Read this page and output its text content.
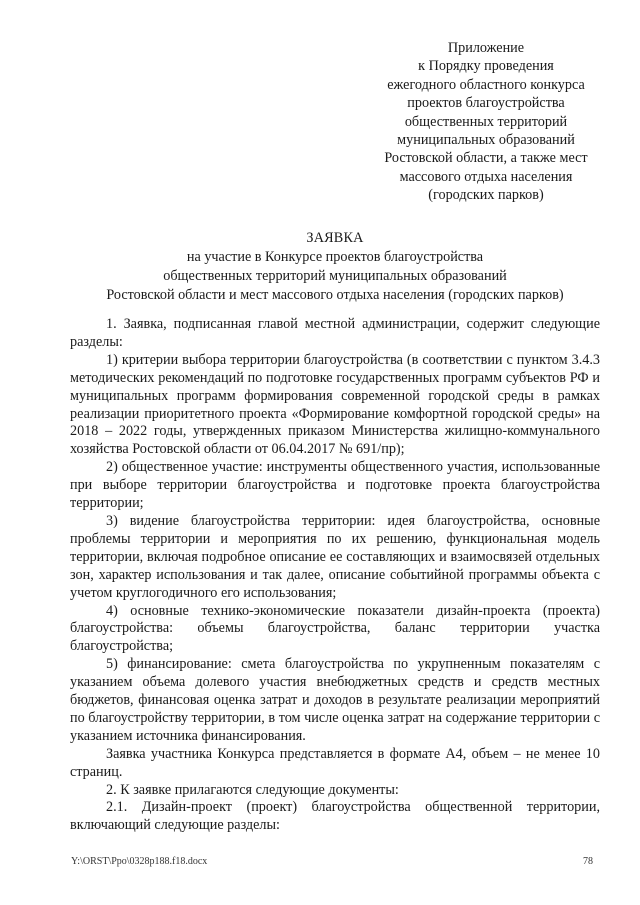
Приложение
к Порядку проведения
ежегодного областного конкурса
проектов благоустройства
общественных территорий
муниципальных образований
Ростовской области, а также мест
массового отдыха населения
(городских парков)
ЗАЯВКА
на участие в Конкурсе проектов благоустройства
общественных территорий муниципальных образований
Ростовской области и мест массового отдыха населения (городских парков)

1. Заявка, подписанная главой местной администрации, содержит следующие разделы:

1) критерии выбора территории благоустройства (в соответствии с пунктом 3.4.3 методических рекомендаций по подготовке государственных программ субъектов РФ и муниципальных программ формирования современной городской среды в рамках реализации приоритетного проекта «Формирование комфортной городской среды» на 2018 – 2022 годы, утвержденных приказом Министерства жилищно-коммунального хозяйства Ростовской области от 06.04.2017 № 691/пр);

2) общественное участие: инструменты общественного участия, использованные при выборе территории благоустройства и подготовке проекта благоустройства территории;

3) видение благоустройства территории: идея благоустройства, основные проблемы территории и мероприятия по их решению, функциональная модель территории, включая подробное описание ее составляющих и взаимосвязей отдельных зон, характер использования и так далее, описание событийной программы объекта с учетом круглогодичного его использования;

4) основные технико-экономические показатели дизайн-проекта (проекта) благоустройства: объемы благоустройства, баланс территории участка благоустройства;

5) финансирование: смета благоустройства по укрупненным показателям с указанием объема долевого участия внебюджетных средств и средств местных бюджетов, финансовая оценка затрат и доходов в результате реализации мероприятий по благоустройству территории, в том числе оценка затрат на содержание территории с указанием источника финансирования.

Заявка участника Конкурса представляется в формате А4, объем – не менее 10 страниц.

2. К заявке прилагаются следующие документы:

2.1. Дизайн-проект (проект) благоустройства общественной территории, включающий следующие разделы:

Y:\ORST\Ppo\0328p188.f18.docx	78
